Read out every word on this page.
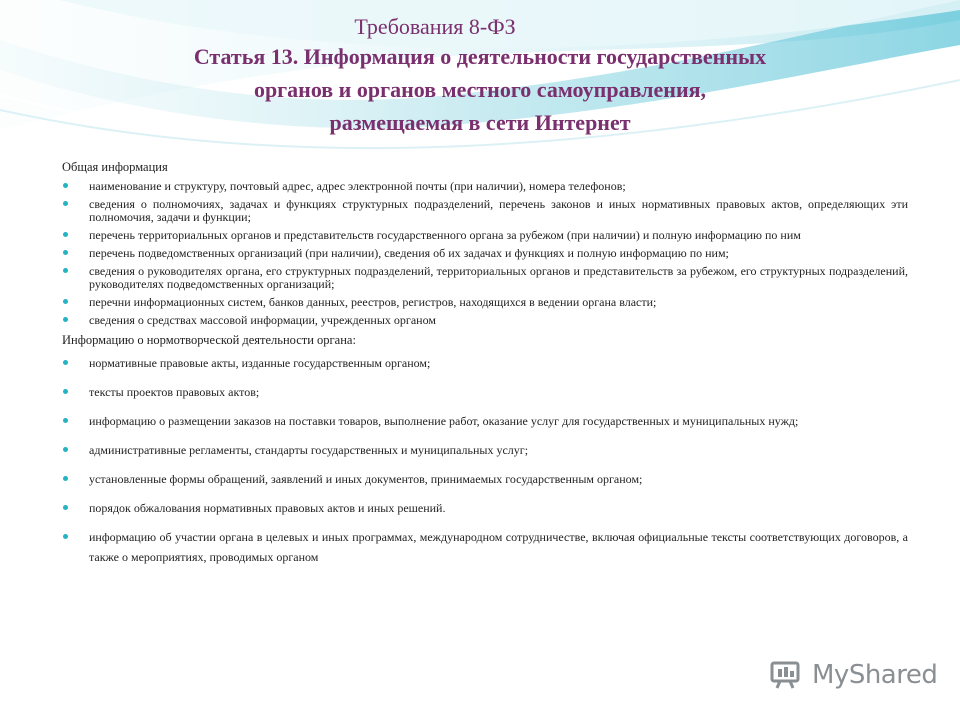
Требования 8-ФЗ

Статья 13. Информация о деятельности государственных

органов и органов местного самоуправления,

размещаемая в сети Интернет

Общая информация

наименование и структуру, почтовый адрес, адрес электронной почты (при наличии), номера телефонов;
сведения о полномочиях, задачах и функциях структурных подразделений, перечень законов и иных нормативных правовых актов, определяющих эти полномочия, задачи и функции;
перечень территориальных органов и представительств государственного органа за рубежом (при наличии) и полную информацию по ним
перечень подведомственных организаций (при наличии), сведения об их задачах и функциях и полную информацию по ним;
сведения о руководителях органа, его структурных подразделений, территориальных органов и представительств за рубежом, его структурных подразделений, руководителях подведомственных организаций;
перечни информационных систем, банков данных, реестров, регистров, находящихся в ведении органа власти;
сведения о средствах массовой информации, учрежденных органом

Информацию о нормотворческой деятельности органа:

нормативные правовые акты, изданные государственным органом;
тексты проектов правовых актов;
информацию о размещении заказов на поставки товаров, выполнение работ, оказание услуг для государственных и муниципальных нужд;
административные регламенты, стандарты государственных и муниципальных услуг;
установленные формы обращений, заявлений и иных документов, принимаемых государственным органом;
порядок обжалования нормативных правовых актов и иных решений.
информацию об участии органа в целевых и иных программах, международном сотрудничестве, включая официальные тексты соответствующих договоров, а также о мероприятиях, проводимых органом
MyShared
